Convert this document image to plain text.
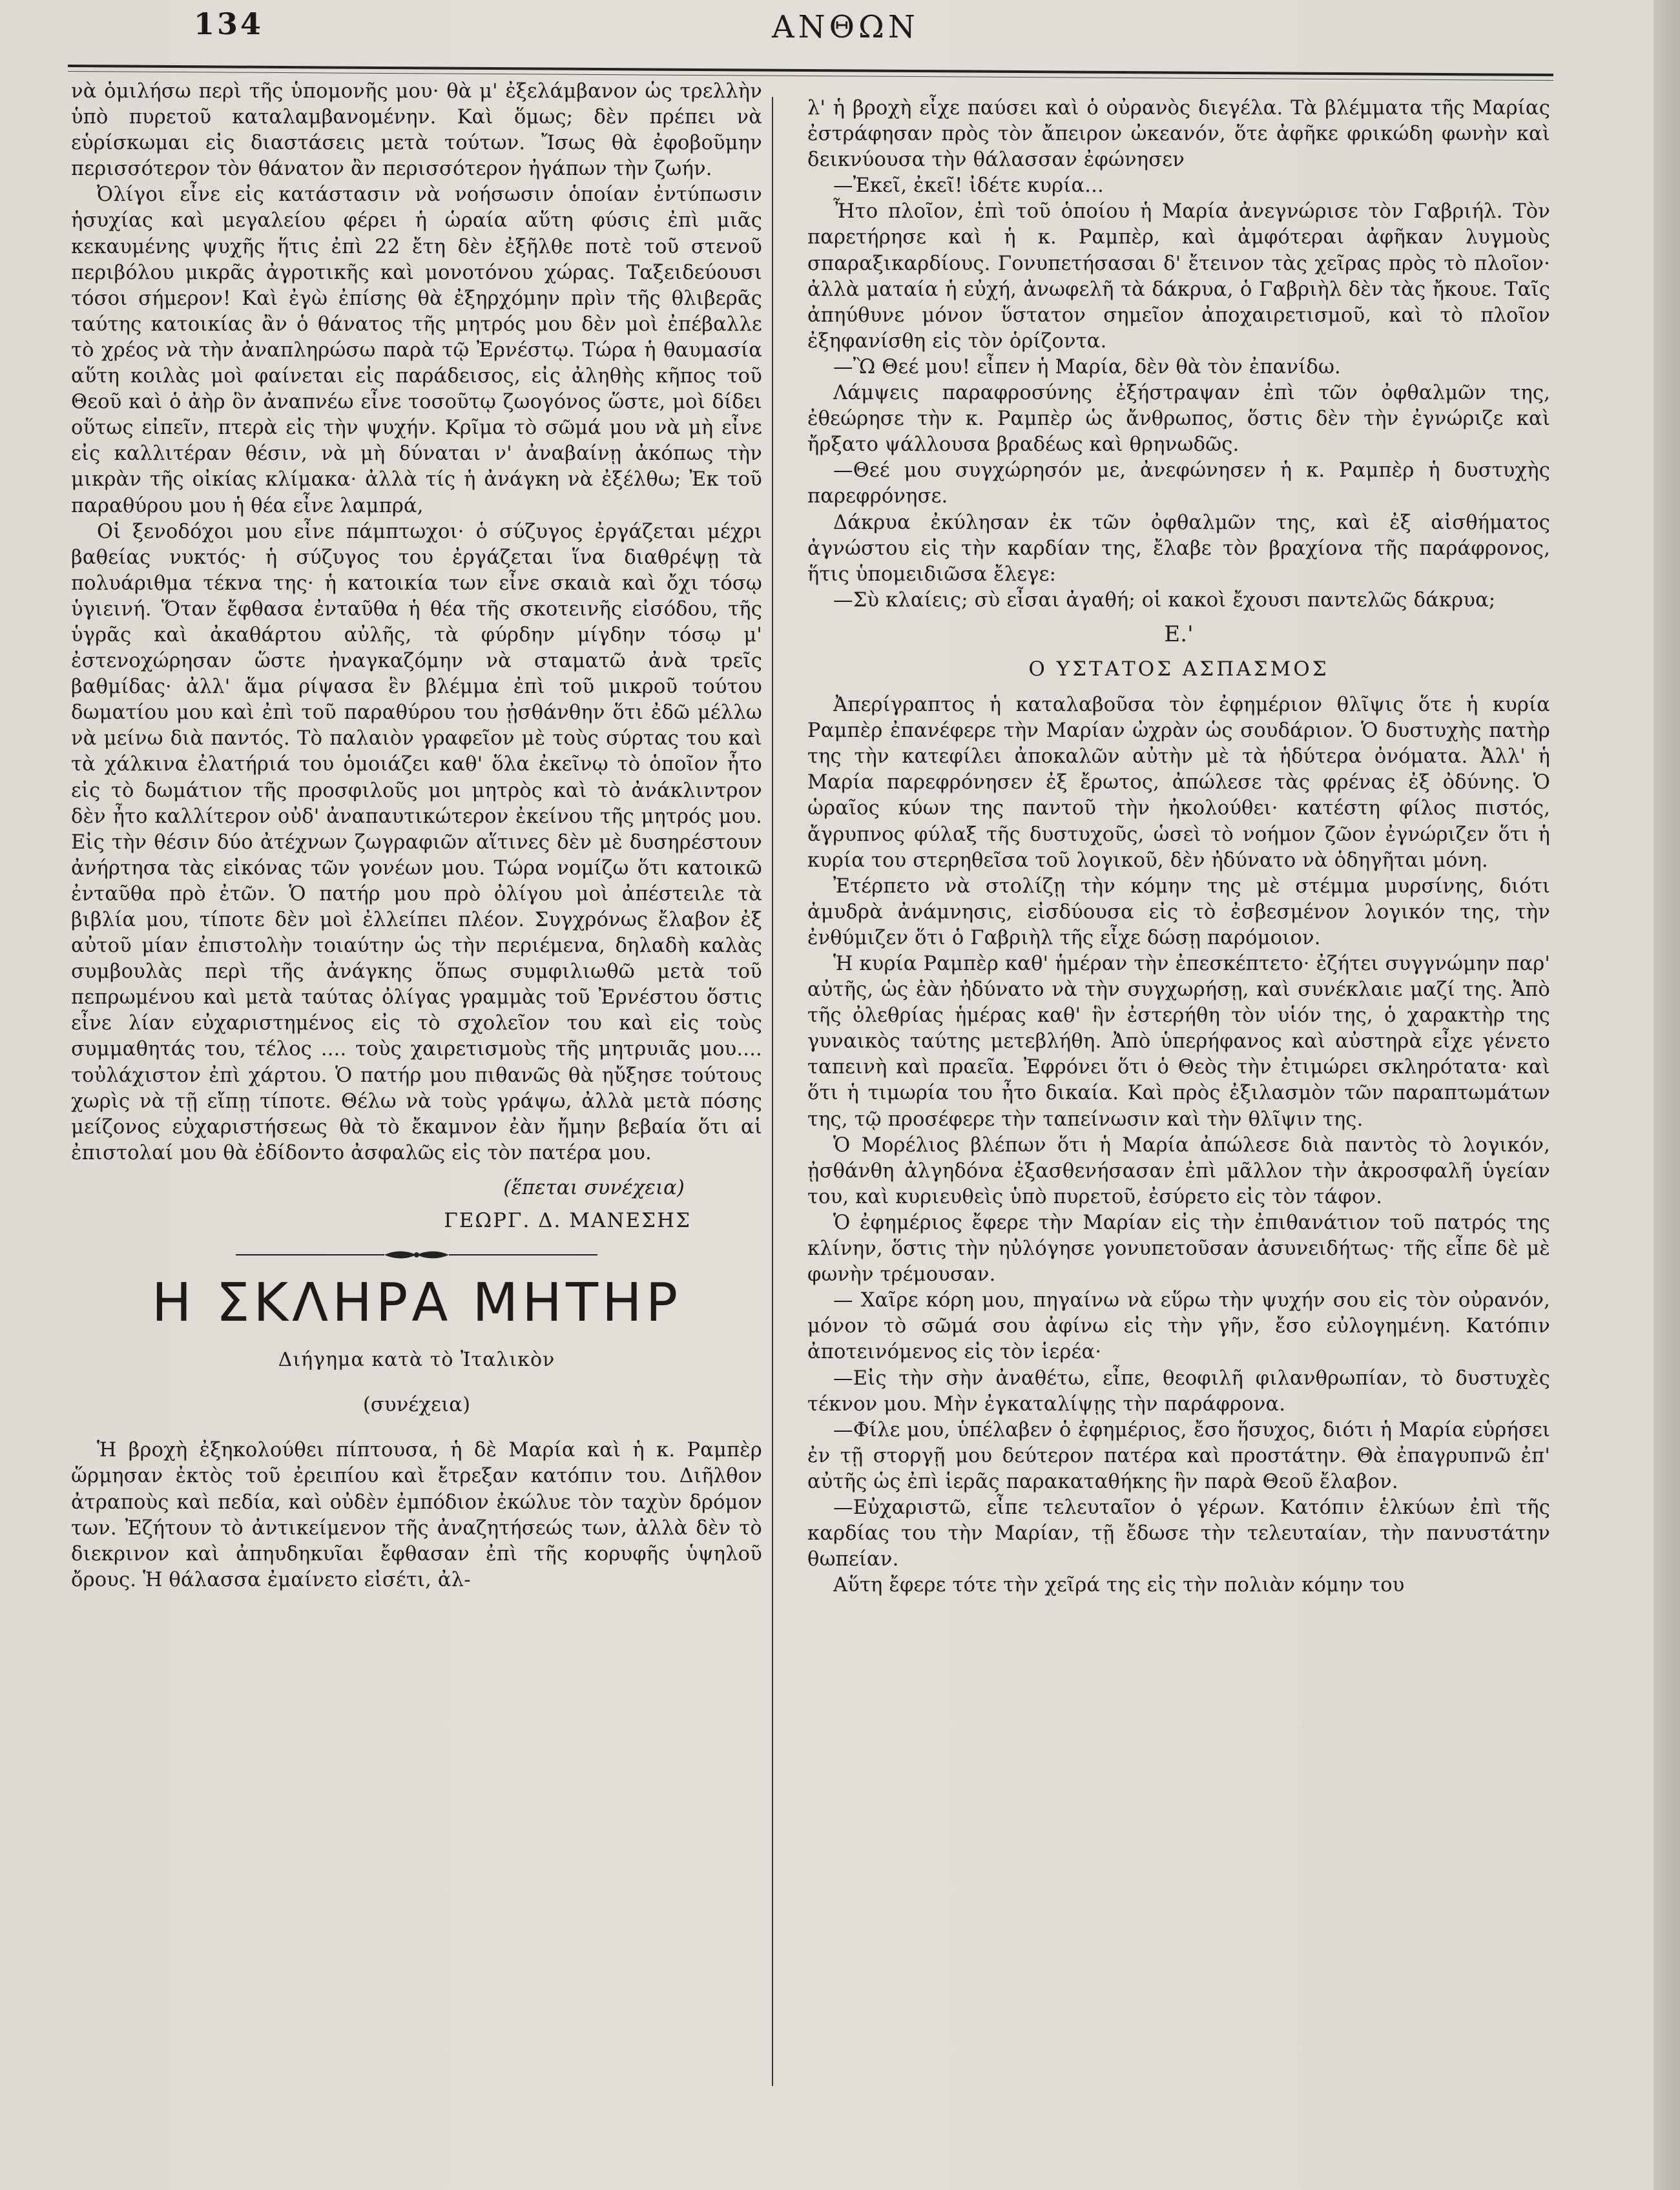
134	ΑΝΘΩΝ

νὰ ὁμιλήσω περὶ τῆς ὑπομονῆς μου· θὰ μ' ἐξελάμβανον ὡς τρελλὴν ὑπὸ πυρετοῦ καταλαμβανομένην. Καὶ ὅμως; δὲν πρέπει νὰ εὑρίσκωμαι εἰς διαστάσεις μετὰ τούτων. Ἴσως θὰ ἐφοβοῦμην περισσότερον τὸν θάνατον ἂν περισσότερον ἠγάπων τὴν ζωήν.

Ὀλίγοι εἶνε εἰς κατάστασιν νὰ νοήσωσιν ὁποίαν ἐντύπωσιν ἡσυχίας καὶ μεγαλείου φέρει ἡ ὡραία αὕτη φύσις ἐπὶ μιᾶς κεκαυμένης ψυχῆς ἥτις ἐπὶ 22 ἔτη δὲν ἐξῆλθε ποτὲ τοῦ στενοῦ περιβόλου μικρᾶς ἀγροτικῆς καὶ μονοτόνου χώρας. Ταξειδεύουσι τόσοι σήμερον! Καὶ ἐγὼ ἐπίσης θὰ ἐξηρχόμην πρὶν τῆς θλιβερᾶς ταύτης κατοικίας ἂν ὁ θάνατος τῆς μητρός μου δὲν μοὶ ἐπέβαλλε τὸ χρέος νὰ τὴν ἀναπληρώσω παρὰ τῷ Ἐρνέστῳ. Τώρα ἡ θαυμασία αὕτη κοιλὰς μοὶ φαίνεται εἰς παράδεισος, εἰς ἀληθὴς κῆπος τοῦ Θεοῦ καὶ ὁ ἀὴρ ὃν ἀναπνέω εἶνε τοσοῦτῳ ζωογόνος ὥστε, μοὶ δίδει οὕτως εἰπεῖν, πτερὰ εἰς τὴν ψυχήν. Κρῖμα τὸ σῶμά μου νὰ μὴ εἶνε εἰς καλλιτέραν θέσιν, νὰ μὴ δύναται ν' ἀναβαίνῃ ἀκόπως τὴν μικρὰν τῆς οἰκίας κλίμακα· ἀλλὰ τίς ἡ ἀνάγκη νὰ ἐξέλθω; Ἐκ τοῦ παραθύρου μου ἡ θέα εἶνε λαμπρά,

Οἱ ξενοδόχοι μου εἶνε πάμπτωχοι· ὁ σύζυγος ἐργάζεται μέχρι βαθείας νυκτός· ἡ σύζυγος του ἐργάζεται ἵνα διαθρέψῃ τὰ πολυάριθμα τέκνα της· ἡ κατοικία των εἶνε σκαιὰ καὶ ὄχι τόσῳ ὑγιεινή. Ὅταν ἔφθασα ἐνταῦθα ἡ θέα τῆς σκοτεινῆς εἰσόδου, τῆς ὑγρᾶς καὶ ἀκαθάρτου αὐλῆς, τὰ φύρδην μίγδην τόσῳ μ' ἐστενοχώρησαν ὥστε ἠναγκαζόμην νὰ σταματῶ ἀνὰ τρεῖς βαθμίδας· ἀλλ' ἅμα ρίψασα ἓν βλέμμα ἐπὶ τοῦ μικροῦ τούτου δωματίου μου καὶ ἐπὶ τοῦ παραθύρου του ᾐσθάνθην ὅτι ἐδῶ μέλλω νὰ μείνω διὰ παντός. Τὸ παλαιὸν γραφεῖον μὲ τοὺς σύρτας του καὶ τὰ χάλκινα ἐλατήριά του ὁμοιάζει καθ' ὅλα ἐκεῖνῳ τὸ ὁποῖον ἦτο εἰς τὸ δωμάτιον τῆς προσφιλοῦς μοι μητρὸς καὶ τὸ ἀνάκλιντρον δὲν ἦτο καλλίτερον οὐδ' ἀναπαυτικώτερον ἐκείνου τῆς μητρός μου. Εἰς τὴν θέσιν δύο ἀτέχνων ζωγραφιῶν αἵτινες δὲν μὲ δυσηρέστουν ἀνήρτησα τὰς εἰκόνας τῶν γονέων μου. Τώρα νομίζω ὅτι κατοικῶ ἐνταῦθα πρὸ ἐτῶν. Ὁ πατήρ μου πρὸ ὀλίγου μοὶ ἀπέστειλε τὰ βιβλία μου, τίποτε δὲν μοὶ ἐλλείπει πλέον. Συγχρόνως ἔλαβον ἐξ αὐτοῦ μίαν ἐπιστολὴν τοιαύτην ὡς τὴν περιέμενα, δηλαδὴ καλὰς συμβουλὰς περὶ τῆς ἀνάγκης ὅπως συμφιλιωθῶ μετὰ τοῦ πεπρωμένου καὶ μετὰ ταύτας ὀλίγας γραμμὰς τοῦ Ἐρνέστου ὅστις εἶνε λίαν εὐχαριστημένος εἰς τὸ σχολεῖον του καὶ εἰς τοὺς συμμαθητάς του, τέλος .... τοὺς χαιρετισμοὺς τῆς μητρυιᾶς μου.... τοὐλάχιστον ἐπὶ χάρτου. Ὁ πατήρ μου πιθανῶς θὰ ηὔξησε τούτους χωρὶς νὰ τῇ εἴπῃ τίποτε. Θέλω νὰ τοὺς γράψω, ἀλλὰ μετὰ πόσης μείζονος εὐχαριστήσεως θὰ τὸ ἔκαμνον ἐὰν ἤμην βεβαία ὅτι αἱ ἐπιστολαί μου θὰ ἐδίδοντο ἀσφαλῶς εἰς τὸν πατέρα μου.

(ἕπεται συνέχεια)

ΓΕΩΡΓ. Δ. ΜΑΝΕΣΗΣ

Η ΣΚΛΗΡΑ ΜΗΤΗΡ

Διήγημα κατὰ τὸ Ἰταλικὸν

(συνέχεια)

Ἡ βροχὴ ἐξηκολούθει πίπτουσα, ἡ δὲ Μαρία καὶ ἡ κ. Ραμπὲρ ὥρμησαν ἐκτὸς τοῦ ἐρειπίου καὶ ἔτρεξαν κατόπιν του. Διῆλθον ἀτραποὺς καὶ πεδία, καὶ οὐδὲν ἐμπόδιον ἐκώλυε τὸν ταχὺν δρόμον των. Ἐζήτουν τὸ ἀντικείμενον τῆς ἀναζητήσεώς των, ἀλλὰ δὲν τὸ διεκρινον καὶ ἀπηυδηκυῖαι ἔφθασαν ἐπὶ τῆς κορυφῆς ὑψηλοῦ ὄρους. Ἡ θάλασσα ἐμαίνετο εἰσέτι, ἀλ-

λ' ἡ βροχὴ εἶχε παύσει καὶ ὁ οὐρανὸς διεγέλα. Τὰ βλέμματα τῆς Μαρίας ἐστράφησαν πρὸς τὸν ἄπειρον ὠκεανόν, ὅτε ἀφῆκε φρικώδη φωνὴν καὶ δεικνύουσα τὴν θάλασσαν ἐφώνησεν

—Ἐκεῖ, ἐκεῖ! ἰδέτε κυρία...

Ἦτο πλοῖον, ἐπὶ τοῦ ὁποίου ἡ Μαρία ἀνεγνώρισε τὸν Γαβριήλ. Τὸν παρετήρησε καὶ ἡ κ. Ραμπὲρ, καὶ ἀμφότεραι ἀφῆκαν λυγμοὺς σπαραξικαρδίους. Γονυπετήσασαι δ' ἔτεινον τὰς χεῖρας πρὸς τὸ πλοῖον· ἀλλὰ ματαία ἡ εὐχή, ἀνωφελῆ τὰ δάκρυα, ὁ Γαβριὴλ δὲν τὰς ἤκουε. Ταῖς ἀπηύθυνε μόνον ὕστατον σημεῖον ἀποχαιρετισμοῦ, καὶ τὸ πλοῖον ἐξηφανίσθη εἰς τὸν ὁρίζοντα.

—Ὢ Θεέ μου! εἶπεν ἡ Μαρία, δὲν θὰ τὸν ἐπανίδω.

Λάμψεις παραφροσύνης ἐξήστραψαν ἐπὶ τῶν ὀφθαλμῶν της, ἐθεώρησε τὴν κ. Ραμπὲρ ὡς ἄνθρωπος, ὅστις δὲν τὴν ἐγνώριζε καὶ ἤρξατο ψάλλουσα βραδέως καὶ θρηνωδῶς.

—Θεέ μου συγχώρησόν με, ἀνεφώνησεν ἡ κ. Ραμπὲρ ἡ δυστυχὴς παρεφρόνησε.

Δάκρυα ἐκύλησαν ἐκ τῶν ὀφθαλμῶν της, καὶ ἐξ αἰσθήματος ἀγνώστου εἰς τὴν καρδίαν της, ἔλαβε τὸν βραχίονα τῆς παράφρονος, ἥτις ὑπομειδιῶσα ἔλεγε:

—Σὺ κλαίεις; σὺ εἶσαι ἀγαθή; οἱ κακοὶ ἔχουσι παντελῶς δάκρυα;

Ε.'

Ο ΥΣΤΑΤΟΣ ΑΣΠΑΣΜΟΣ

Ἀπερίγραπτος ἡ καταλαβοῦσα τὸν ἐφημέριον θλῖψις ὅτε ἡ κυρία Ραμπὲρ ἐπανέφερε τὴν Μαρίαν ὠχρὰν ὡς σουδάριον. Ὁ δυστυχὴς πατὴρ της τὴν κατεφίλει ἀποκαλῶν αὐτὴν μὲ τὰ ἡδύτερα ὀνόματα. Ἀλλ' ἡ Μαρία παρεφρόνησεν ἐξ ἔρωτος, ἀπώλεσε τὰς φρένας ἐξ ὀδύνης. Ὁ ὡραῖος κύων της παντοῦ τὴν ἠκολούθει· κατέστη φίλος πιστός, ἄγρυπνος φύλαξ τῆς δυστυχοῦς, ὡσεὶ τὸ νοήμον ζῶον ἐγνώριζεν ὅτι ἡ κυρία του στερηθεῖσα τοῦ λογικοῦ, δὲν ἠδύνατο νὰ ὁδηγῆται μόνη.

Ἐτέρπετο νὰ στολίζῃ τὴν κόμην της μὲ στέμμα μυρσίνης, διότι ἀμυδρὰ ἀνάμνησις, εἰσδύουσα εἰς τὸ ἐσβεσμένον λογικόν της, τὴν ἐνθύμιζεν ὅτι ὁ Γαβριὴλ τῆς εἶχε δώσῃ παρόμοιον.

Ἡ κυρία Ραμπὲρ καθ' ἡμέραν τὴν ἐπεσκέπτετο· ἐζήτει συγγνώμην παρ' αὐτῆς, ὡς ἐὰν ἠδύνατο νὰ τὴν συγχωρήσῃ, καὶ συνέκλαιε μαζί της. Ἀπὸ τῆς ὀλεθρίας ἡμέρας καθ' ἣν ἐστερήθη τὸν υἱόν της, ὁ χαρακτὴρ της γυναικὸς ταύτης μετεβλήθη. Ἀπὸ ὑπερήφανος καὶ αὐστηρὰ εἶχε γένετο ταπεινὴ καὶ πραεῖα. Ἐφρόνει ὅτι ὁ Θεὸς τὴν ἐτιμώρει σκληρότατα· καὶ ὅτι ἡ τιμωρία του ἦτο δικαία. Καὶ πρὸς ἐξιλασμὸν τῶν παραπτωμάτων της, τῷ προσέφερε τὴν ταπείνωσιν καὶ τὴν θλῖψιν της.

Ὁ Μορέλιος βλέπων ὅτι ἡ Μαρία ἀπώλεσε διὰ παντὸς τὸ λογικόν, ᾐσθάνθη ἀλγηδόνα ἐξασθενήσασαν ἐπὶ μᾶλλον τὴν ἀκροσφαλῆ ὑγείαν του, καὶ κυριευθεὶς ὑπὸ πυρετοῦ, ἐσύρετο εἰς τὸν τάφον.

Ὁ ἐφημέριος ἔφερε τὴν Μαρίαν εἰς τὴν ἐπιθανάτιον τοῦ πατρός της κλίνην, ὅστις τὴν ηὐλόγησε γονυπετοῦσαν ἀσυνειδήτως· τῆς εἶπε δὲ μὲ φωνὴν τρέμουσαν.

— Χαῖρε κόρη μου, πηγαίνω νὰ εὕρω τὴν ψυχήν σου εἰς τὸν οὐρανόν, μόνον τὸ σῶμά σου ἀφίνω εἰς τὴν γῆν, ἔσο εὐλογημένη. Κατόπιν ἀποτεινόμενος εἰς τὸν ἱερέα·

—Εἰς τὴν σὴν ἀναθέτω, εἶπε, θεοφιλῆ φιλανθρωπίαν, τὸ δυστυχὲς τέκνον μου. Μὴν ἐγκαταλίψῃς τὴν παράφρονα.

—Φίλε μου, ὑπέλαβεν ὁ ἐφημέριος, ἔσο ἥσυχος, διότι ἡ Μαρία εὑρήσει ἐν τῇ στοργῇ μου δεύτερον πατέρα καὶ προστάτην. Θὰ ἐπαγρυπνῶ ἐπ' αὐτῆς ὡς ἐπὶ ἱερᾶς παρακαταθήκης ἣν παρὰ Θεοῦ ἔλαβον.

—Εὐχαριστῶ, εἶπε τελευταῖον ὁ γέρων. Κατόπιν ἑλκύων ἐπὶ τῆς καρδίας του τὴν Μαρίαν, τῇ ἔδωσε τὴν τελευταίαν, τὴν πανυστάτην θωπείαν.

Αὕτη ἔφερε τότε τὴν χεῖρά της εἰς τὴν πολιὰν κόμην του
